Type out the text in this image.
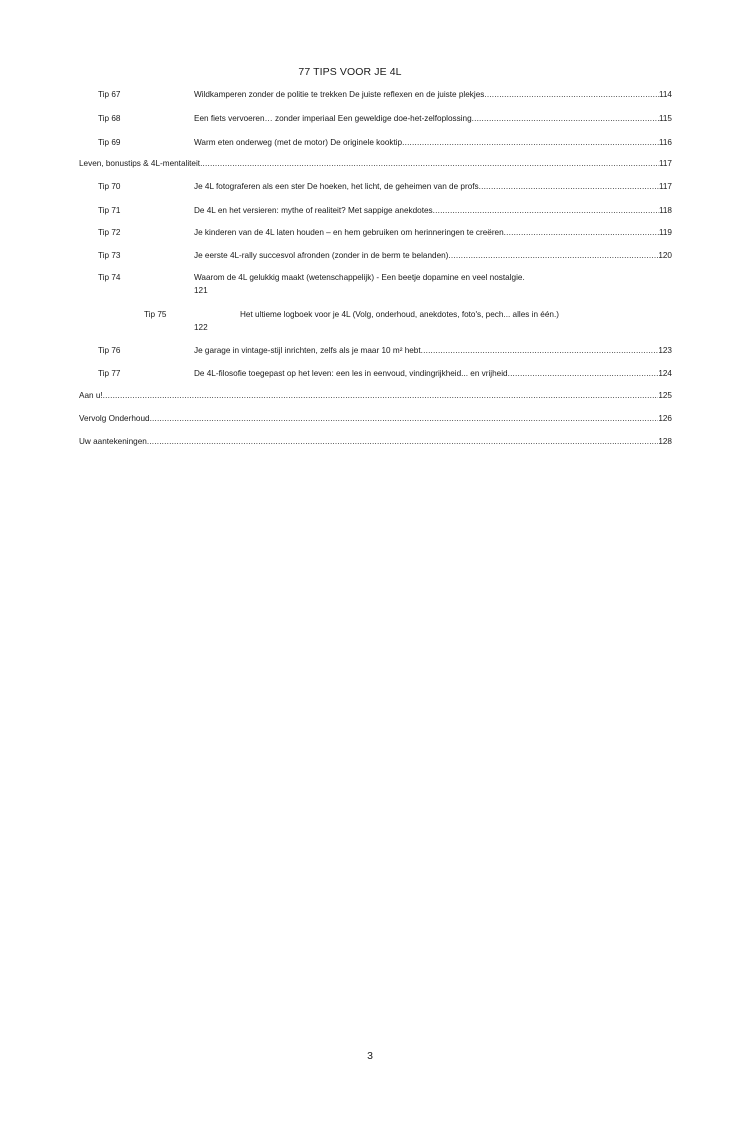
77 TIPS VOOR JE 4L
Tip 67	Wildkamperen zonder de politie te trekken De juiste reflexen en de juiste plekjes .....	114
Tip 68	Een fiets vervoeren… zonder imperiaal Een geweldige doe-het-zelfoplossing .....	115
Tip 69	Warm eten onderweg (met de motor) De originele kooktip .....	116
Leven, bonustips & 4L-mentaliteit .....	117
Tip 70	Je 4L fotograferen als een ster De hoeken, het licht, de geheimen van de profs .....	117
Tip 71	De 4L en het versieren: mythe of realiteit? Met sappige anekdotes .....	118
Tip 72	Je kinderen van de 4L laten houden – en hem gebruiken om herinneringen te creëren .....	119
Tip 73	Je eerste 4L-rally succesvol afronden (zonder in de berm te belanden) .....	120
Tip 74	Waarom de 4L gelukkig maakt (wetenschappelijk) - Een beetje dopamine en veel nostalgie.
121
Tip 75	Het ultieme logboek voor je 4L (Volg, onderhoud, anekdotes, foto's, pech... alles in één.)
122
Tip 76	Je garage in vintage-stijl inrichten, zelfs als je maar 10 m² hebt .....	123
Tip 77	De 4L-filosofie toegepast op het leven: een les in eenvoud, vindingrijkheid... en vrijheid .....	124
Aan u! .....	125
Vervolg Onderhoud .....	126
Uw aantekeningen .....	128
3
